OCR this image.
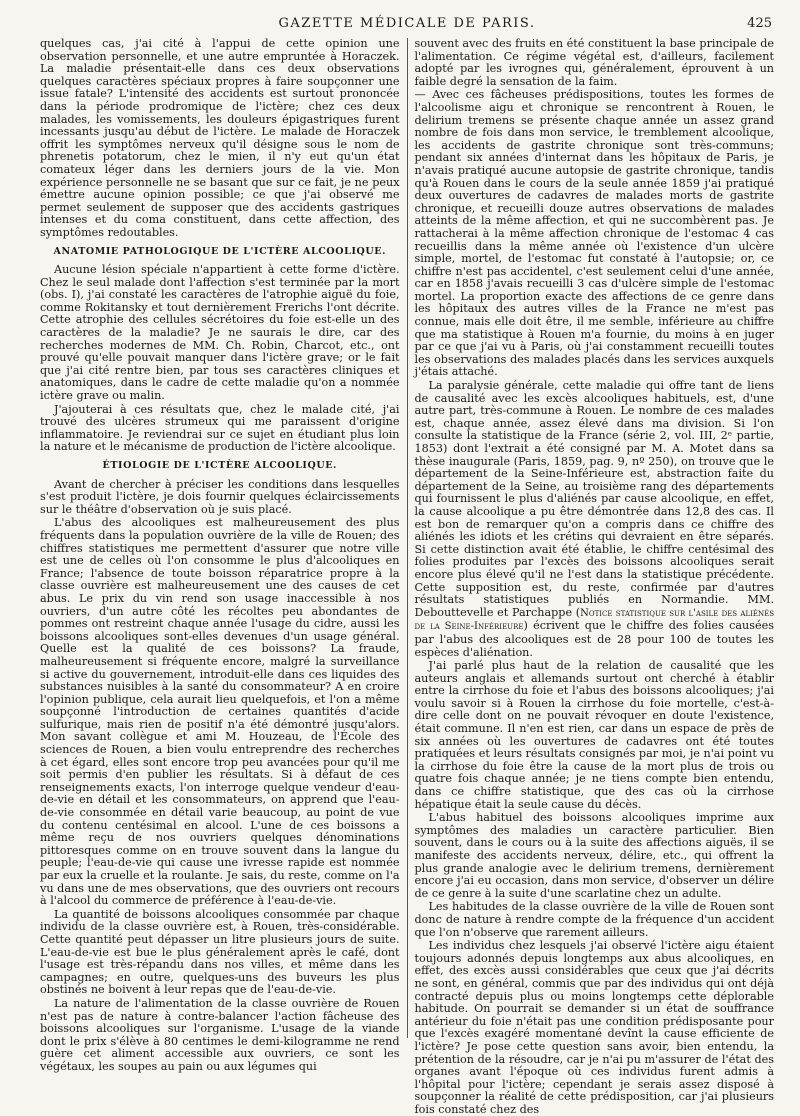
GAZETTE MÉDICALE DE PARIS.	425

quelques cas, j'ai cité à l'appui de cette opinion une observation personnelle, et une autre empruntée à Horaczek. La maladie présentait-elle dans ces deux observations quelques caractères spéciaux propres à faire soupçonner une issue fatale? L'intensité des accidents est surtout prononcée dans la période prodromique de l'ictère; chez ces deux malades, les vomissements, les douleurs épigastriques furent incessants jusqu'au début de l'ictère. Le malade de Horaczek offrit les symptômes nerveux qu'il désigne sous le nom de phrenetis potatorum, chez le mien, il n'y eut qu'un état comateux léger dans les derniers jours de la vie. Mon expérience personnelle ne se basant que sur ce fait, je ne peux émettre aucune opinion possible; ce que j'ai observé me permet seulement de supposer que des accidents gastriques intenses et du coma constituent, dans cette affection, des symptômes redoutables.

ANATOMIE PATHOLOGIQUE DE L'ICTÈRE ALCOOLIQUE.

Aucune lésion spéciale n'appartient à cette forme d'ictère. Chez le seul malade dont l'affection s'est terminée par la mort (obs. I), j'ai constaté les caractères de l'atrophie aiguë du foie, comme Rokitansky et tout dernièrement Frerichs l'ont décrite. Cette atrophie des cellules sécrétoires du foie est-elle un des caractères de la maladie? Je ne saurais le dire, car des recherches modernes de MM. Ch. Robin, Charcot, etc., ont prouvé qu'elle pouvait manquer dans l'ictère grave; or le fait que j'ai cité rentre bien, par tous ses caractères cliniques et anatomiques, dans le cadre de cette maladie qu'on a nommée ictère grave ou malin.

J'ajouterai à ces résultats que, chez le malade cité, j'ai trouvé des ulcères strumeux qui me paraissent d'origine inflammatoire. Je reviendrai sur ce sujet en étudiant plus loin la nature et le mécanisme de production de l'ictère alcoolique.

ÉTIOLOGIE DE L'ICTÈRE ALCOOLIQUE.

Avant de chercher à préciser les conditions dans lesquelles s'est produit l'ictère, je dois fournir quelques éclaircissements sur le théâtre d'observation où je suis placé.

L'abus des alcooliques est malheureusement des plus fréquents dans la population ouvrière de la ville de Rouen; des chiffres statistiques me permettent d'assurer que notre ville est une de celles où l'on consomme le plus d'alcooliques en France; l'absence de toute boisson réparatrice propre à la classe ouvrière est malheureusement une des causes de cet abus. Le prix du vin rend son usage inaccessible à nos ouvriers, d'un autre côté les récoltes peu abondantes de pommes ont restreint chaque année l'usage du cidre, aussi les boissons alcooliques sont-elles devenues d'un usage général. Quelle est la qualité de ces boissons? La fraude, malheureusement si fréquente encore, malgré la surveillance si active du gouvernement, introduit-elle dans ces liquides des substances nuisibles à la santé du consommateur? A en croire l'opinion publique, cela aurait lieu quelquefois, et l'on a même soupçonné l'introduction de certaines quantités d'acide sulfurique, mais rien de positif n'a été démontré jusqu'alors. Mon savant collègue et ami M. Houzeau, de l'École des sciences de Rouen, a bien voulu entreprendre des recherches à cet égard, elles sont encore trop peu avancées pour qu'il me soit permis d'en publier les résultats. Si à défaut de ces renseignements exacts, l'on interroge quelque vendeur d'eau-de-vie en détail et les consommateurs, on apprend que l'eau-de-vie consommée en détail varie beaucoup, au point de vue du contenu centésimal en alcool. L'une de ces boissons a même reçu de nos ouvriers quelques dénominations pittoresques comme on en trouve souvent dans la langue du peuple; l'eau-de-vie qui cause une ivresse rapide est nommée par eux la cruelle et la roulante. Je sais, du reste, comme on l'a vu dans une de mes observations, que des ouvriers ont recours à l'alcool du commerce de préférence à l'eau-de-vie.

La quantité de boissons alcooliques consommée par chaque individu de la classe ouvrière est, à Rouen, très-considérable. Cette quantité peut dépasser un litre plusieurs jours de suite. L'eau-de-vie est bue le plus généralement après le café, dont l'usage est très-répandu dans nos villes, et même dans les campagnes; en outre, quelques-uns des buveurs les plus obstinés ne boivent à leur repas que de l'eau-de-vie.

La nature de l'alimentation de la classe ouvrière de Rouen n'est pas de nature à contre-balancer l'action fâcheuse des boissons alcooliques sur l'organisme. L'usage de la viande dont le prix s'élève à 80 centimes le demi-kilogramme ne rend guère cet aliment accessible aux ouvriers, ce sont les végétaux, les soupes au pain ou aux légumes qui

souvent avec des fruits en été constituent la base principale de l'alimentation. Ce régime végétal est, d'ailleurs, facilement adopté par les ivrognes qui, généralement, éprouvent à un faible degré la sensation de la faim.

— Avec ces fâcheuses prédispositions, toutes les formes de l'alcoolisme aigu et chronique se rencontrent à Rouen, le delirium tremens se présente chaque année un assez grand nombre de fois dans mon service, le tremblement alcoolique, les accidents de gastrite chronique sont très-communs; pendant six années d'internat dans les hôpitaux de Paris, je n'avais pratiqué aucune autopsie de gastrite chronique, tandis qu'à Rouen dans le cours de la seule année 1859 j'ai pratiqué deux ouvertures de cadavres de malades morts de gastrite chronique, et recueilli douze autres observations de malades atteints de la même affection, et qui ne succombèrent pas. Je rattacherai à la même affection chronique de l'estomac 4 cas recueillis dans la même année où l'existence d'un ulcère simple, mortel, de l'estomac fut constaté à l'autopsie; or, ce chiffre n'est pas accidentel, c'est seulement celui d'une année, car en 1858 j'avais recueilli 3 cas d'ulcère simple de l'estomac mortel. La proportion exacte des affections de ce genre dans les hôpitaux des autres villes de la France ne m'est pas connue, mais elle doit être, il me semble, inférieure au chiffre que ma statistique à Rouen m'a fournie, du moins à en juger par ce que j'ai vu à Paris, où j'ai constamment recueilli toutes les observations des malades placés dans les services auxquels j'étais attaché.

La paralysie générale, cette maladie qui offre tant de liens de causalité avec les excès alcooliques habituels, est, d'une autre part, très-commune à Rouen. Le nombre de ces malades est, chaque année, assez élevé dans ma division. Si l'on consulte la statistique de la France (série 2, vol. III, 2ᵉ partie, 1853) dont l'extrait a été consigné par M. A. Motet dans sa thèse inaugurale (Paris, 1859, pag. 9, nº 250), on trouve que le département de la Seine-Inférieure est, abstraction faite du département de la Seine, au troisième rang des départements qui fournissent le plus d'aliénés par cause alcoolique, en effet, la cause alcoolique a pu être démontrée dans 12,8 des cas. Il est bon de remarquer qu'on a compris dans ce chiffre des aliénés les idiots et les crétins qui devraient en être séparés. Si cette distinction avait été établie, le chiffre centésimal des folies produites par l'excès des boissons alcooliques serait encore plus élevé qu'il ne l'est dans la statistique précédente. Cette supposition est, du reste, confirmée par d'autres résultats statistiques publiés en Normandie. MM. Debouttevelle et Parchappe (Notice statistique sur l'asile des aliénés de la Seine-Inférieure) écrivent que le chiffre des folies causées par l'abus des alcooliques est de 28 pour 100 de toutes les espèces d'aliénation.

J'ai parlé plus haut de la relation de causalité que les auteurs anglais et allemands surtout ont cherché à établir entre la cirrhose du foie et l'abus des boissons alcooliques; j'ai voulu savoir si à Rouen la cirrhose du foie mortelle, c'est-à-dire celle dont on ne pouvait révoquer en doute l'existence, était commune. Il n'en est rien, car dans un espace de près de six années où les ouvertures de cadavres ont été toutes pratiquées et leurs résultats consignés par moi, je n'ai point vu la cirrhose du foie être la cause de la mort plus de trois ou quatre fois chaque année; je ne tiens compte bien entendu, dans ce chiffre statistique, que des cas où la cirrhose hépatique était la seule cause du décès.

L'abus habituel des boissons alcooliques imprime aux symptômes des maladies un caractère particulier. Bien souvent, dans le cours ou à la suite des affections aiguës, il se manifeste des accidents nerveux, délire, etc., qui offrent la plus grande analogie avec le delirium tremens, dernièrement encore j'ai eu occasion, dans mon service, d'observer un délire de ce genre à la suite d'une scarlatine chez un adulte.

Les habitudes de la classe ouvrière de la ville de Rouen sont donc de nature à rendre compte de la fréquence d'un accident que l'on n'observe que rarement ailleurs.

Les individus chez lesquels j'ai observé l'ictère aigu étaient toujours adonnés depuis longtemps aux abus alcooliques, en effet, des excès aussi considérables que ceux que j'ai décrits ne sont, en général, commis que par des individus qui ont déjà contracté depuis plus ou moins longtemps cette déplorable habitude. On pourrait se demander si un état de souffrance antérieur du foie n'était pas une condition prédisposante pour que l'excès exagéré momentané devînt la cause efficiente de l'ictère? Je pose cette question sans avoir, bien entendu, la prétention de la résoudre, car je n'ai pu m'assurer de l'état des organes avant l'époque où ces individus furent admis à l'hôpital pour l'ictère; cependant je serais assez disposé à soupçonner la réalité de cette prédisposition, car j'ai plusieurs fois constaté chez des
